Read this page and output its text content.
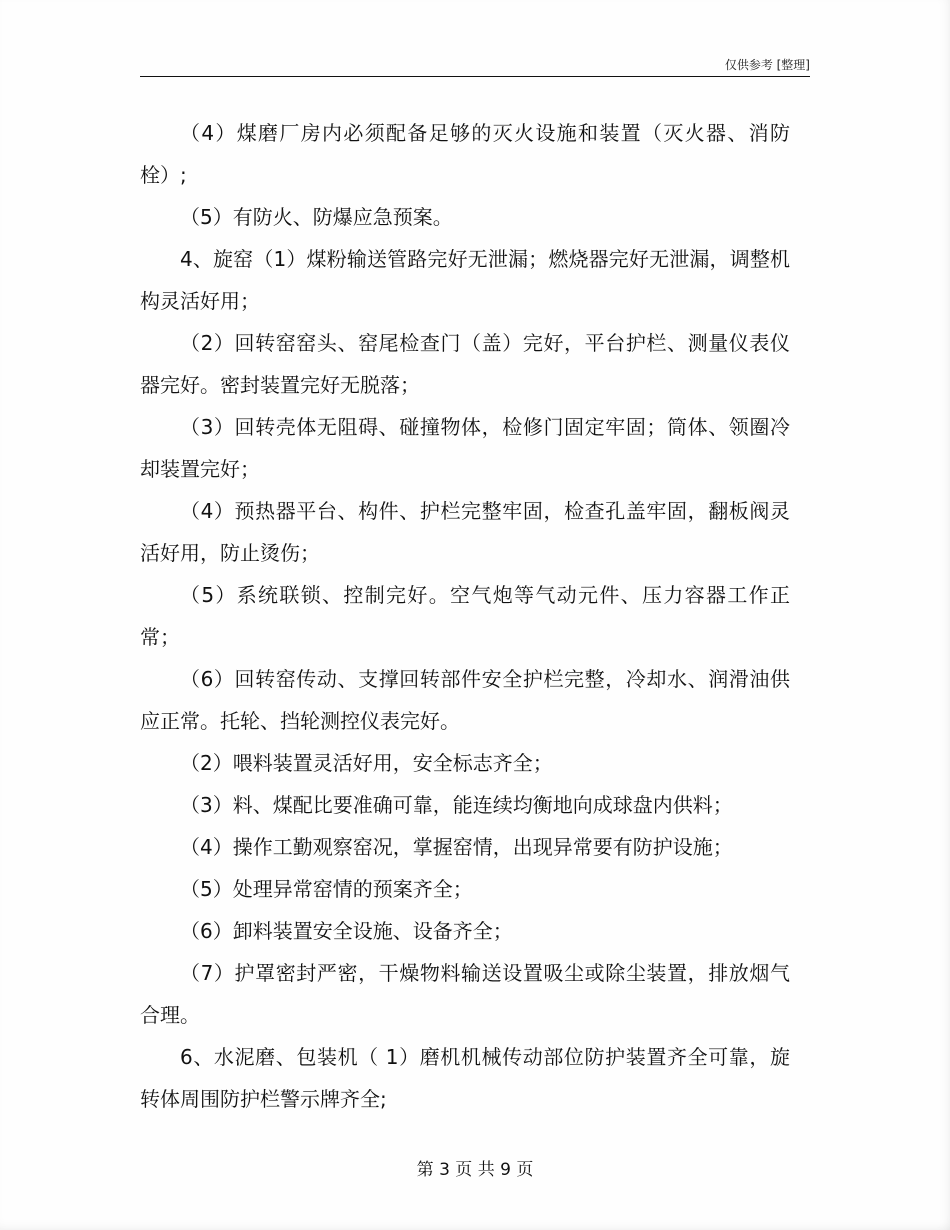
仅供参考 [整理]

（4）煤磨厂房内必须配备足够的灭火设施和装置（灭火器、消防栓）;

（5）有防火、防爆应急预案。

4、旋窑（1）煤粉输送管路完好无泄漏；燃烧器完好无泄漏，调整机构灵活好用；

（2）回转窑窑头、窑尾检查门（盖）完好，平台护栏、测量仪表仪器完好。密封装置完好无脱落；

（3）回转壳体无阻碍、碰撞物体，检修门固定牢固；筒体、领圈冷却装置完好；

（4）预热器平台、构件、护栏完整牢固，检查孔盖牢固，翻板阀灵活好用，防止烫伤；

（5）系统联锁、控制完好。空气炮等气动元件、压力容器工作正常；

（6）回转窑传动、支撑回转部件安全护栏完整，冷却水、润滑油供应正常。托轮、挡轮测控仪表完好。

（2）喂料装置灵活好用，安全标志齐全；

（3）料、煤配比要准确可靠，能连续均衡地向成球盘内供料；

（4）操作工勤观察窑况，掌握窑情，出现异常要有防护设施；

（5）处理异常窑情的预案齐全；

（6）卸料装置安全设施、设备齐全；

（7）护罩密封严密，干燥物料输送设置吸尘或除尘装置，排放烟气合理。

6、水泥磨、包装机（ 1）磨机机械传动部位防护装置齐全可靠，旋转体周围防护栏警示牌齐全;

第 3 页 共 9 页
